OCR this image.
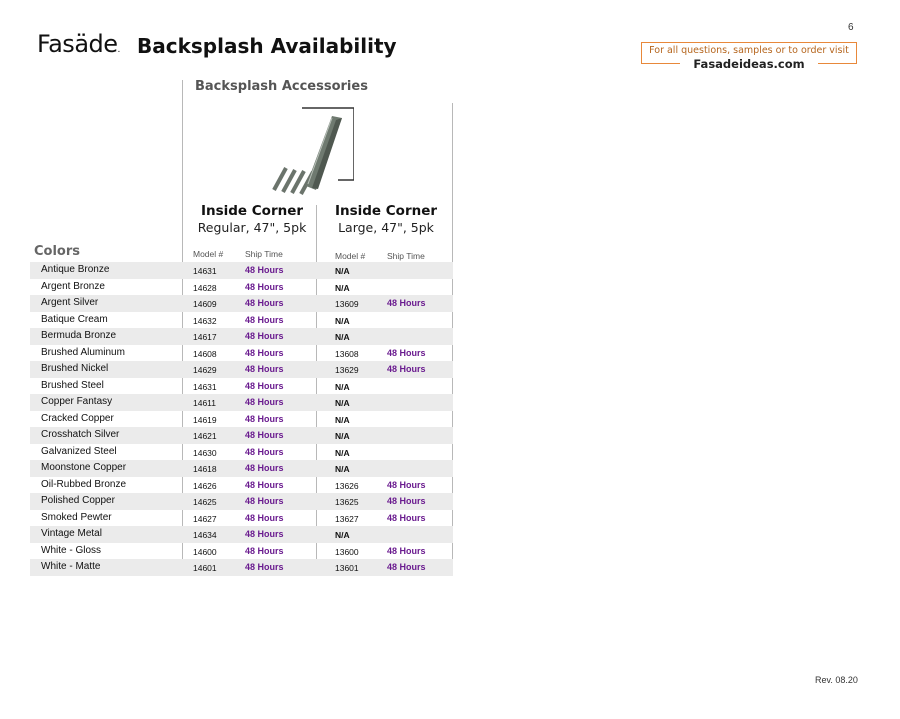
6
Fasäde. Backsplash Availability	For all questions, samples or to order visit
Fasadeideas.com
Backsplash Accessories
Inside Corner
Regular, 47", 5pk
Inside Corner
Large, 47", 5pk
Colors	Model #	Ship Time	Model #	Ship Time
Antique Bronze	14631	48 Hours	N/A
Argent Bronze	14628	48 Hours	N/A
Argent Silver	14609	48 Hours	13609	48 Hours
Batique Cream	14632	48 Hours	N/A
Bermuda Bronze	14617	48 Hours	N/A
Brushed Aluminum	14608	48 Hours	13608	48 Hours
Brushed Nickel	14629	48 Hours	13629	48 Hours
Brushed Steel	14631	48 Hours	N/A
Copper Fantasy	14611	48 Hours	N/A
Cracked Copper	14619	48 Hours	N/A
Crosshatch Silver	14621	48 Hours	N/A
Galvanized Steel	14630	48 Hours	N/A
Moonstone Copper	14618	48 Hours	N/A
Oil-Rubbed Bronze	14626	48 Hours	13626	48 Hours
Polished Copper	14625	48 Hours	13625	48 Hours
Smoked Pewter	14627	48 Hours	13627	48 Hours
Vintage Metal	14634	48 Hours	N/A
White - Gloss	14600	48 Hours	13600	48 Hours
White - Matte	14601	48 Hours	13601	48 Hours
Rev. 08.20
